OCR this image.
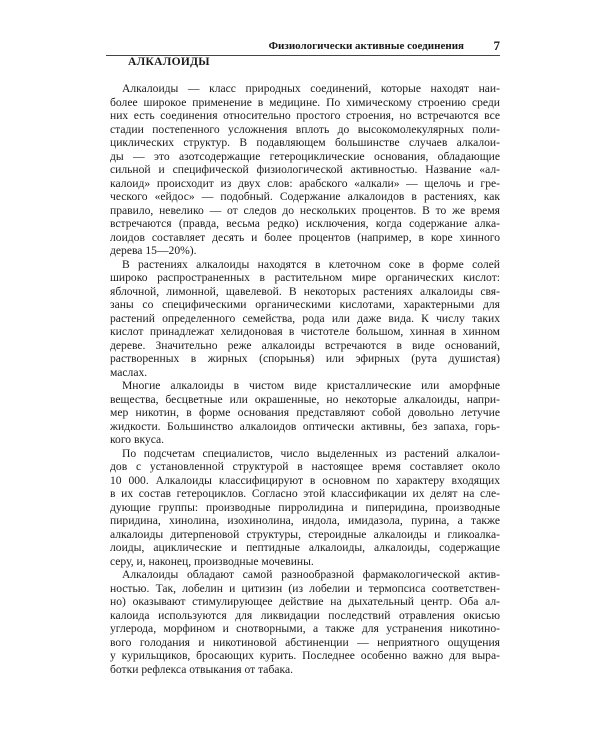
Физиологически активные соединения 7
АЛКАЛОИДЫ
Алкалоиды — класс природных соединений, которые находят наи-
более широкое применение в медицине. По химическому строению среди
них есть соединения относительно простого строения, но встречаются все
стадии постепенного усложнения вплоть до высокомолекулярных поли-
циклических структур. В подавляющем большинстве случаев алкалои-
ды — это азотсодержащие гетероциклические основания, обладающие
сильной и специфической физиологической активностью. Название «ал-
калоид» происходит из двух слов: арабского «алкали» — щелочь и гре-
ческого «ейдос» — подобный. Содержание алкалоидов в растениях, как
правило, невелико — от следов до нескольких процентов. В то же время
встречаются (правда, весьма редко) исключения, когда содержание алка-
лоидов составляет десять и более процентов (например, в коре хинного
дерева 15—20%).
В растениях алкалоиды находятся в клеточном соке в форме солей
широко распространенных в растительном мире органических кислот:
яблочной, лимонной, щавелевой. В некоторых растениях алкалоиды свя-
заны со специфическими органическими кислотами, характерными для
растений определенного семейства, рода или даже вида. К числу таких
кислот принадлежат хелидоновая в чистотеле большом, хинная в хинном
дереве. Значительно реже алкалоиды встречаются в виде оснований,
растворенных в жирных (спорынья) или эфирных (рута душистая)
маслах.
Многие алкалоиды в чистом виде кристаллические или аморфные
вещества, бесцветные или окрашенные, но некоторые алкалоиды, напри-
мер никотин, в форме основания представляют собой довольно летучие
жидкости. Большинство алкалоидов оптически активны, без запаха, горь-
кого вкуса.
По подсчетам специалистов, число выделенных из растений алкалои-
дов с установленной структурой в настоящее время составляет около
10 000. Алкалоиды классифицируют в основном по характеру входящих
в их состав гетероциклов. Согласно этой классификации их делят на сле-
дующие группы: производные пирролидина и пиперидина, производные
пиридина, хинолина, изохинолина, индола, имидазола, пурина, а также
алкалоиды дитерпеновой структуры, стероидные алкалоиды и гликоалка-
лоиды, ациклические и пептидные алкалоиды, алкалоиды, содержащие
серу, и, наконец, производные мочевины.
Алкалоиды обладают самой разнообразной фармакологической актив-
ностью. Так, лобелин и цитизин (из лобелии и термопсиса соответствен-
но) оказывают стимулирующее действие на дыхательный центр. Оба ал-
калоида используются для ликвидации последствий отравления окисью
углерода, морфином и снотворными, а также для устранения никотино-
вого голодания и никотиновой абстиненции — неприятного ощущения
у курильщиков, бросающих курить. Последнее особенно важно для выра-
ботки рефлекса отвыкания от табака.
